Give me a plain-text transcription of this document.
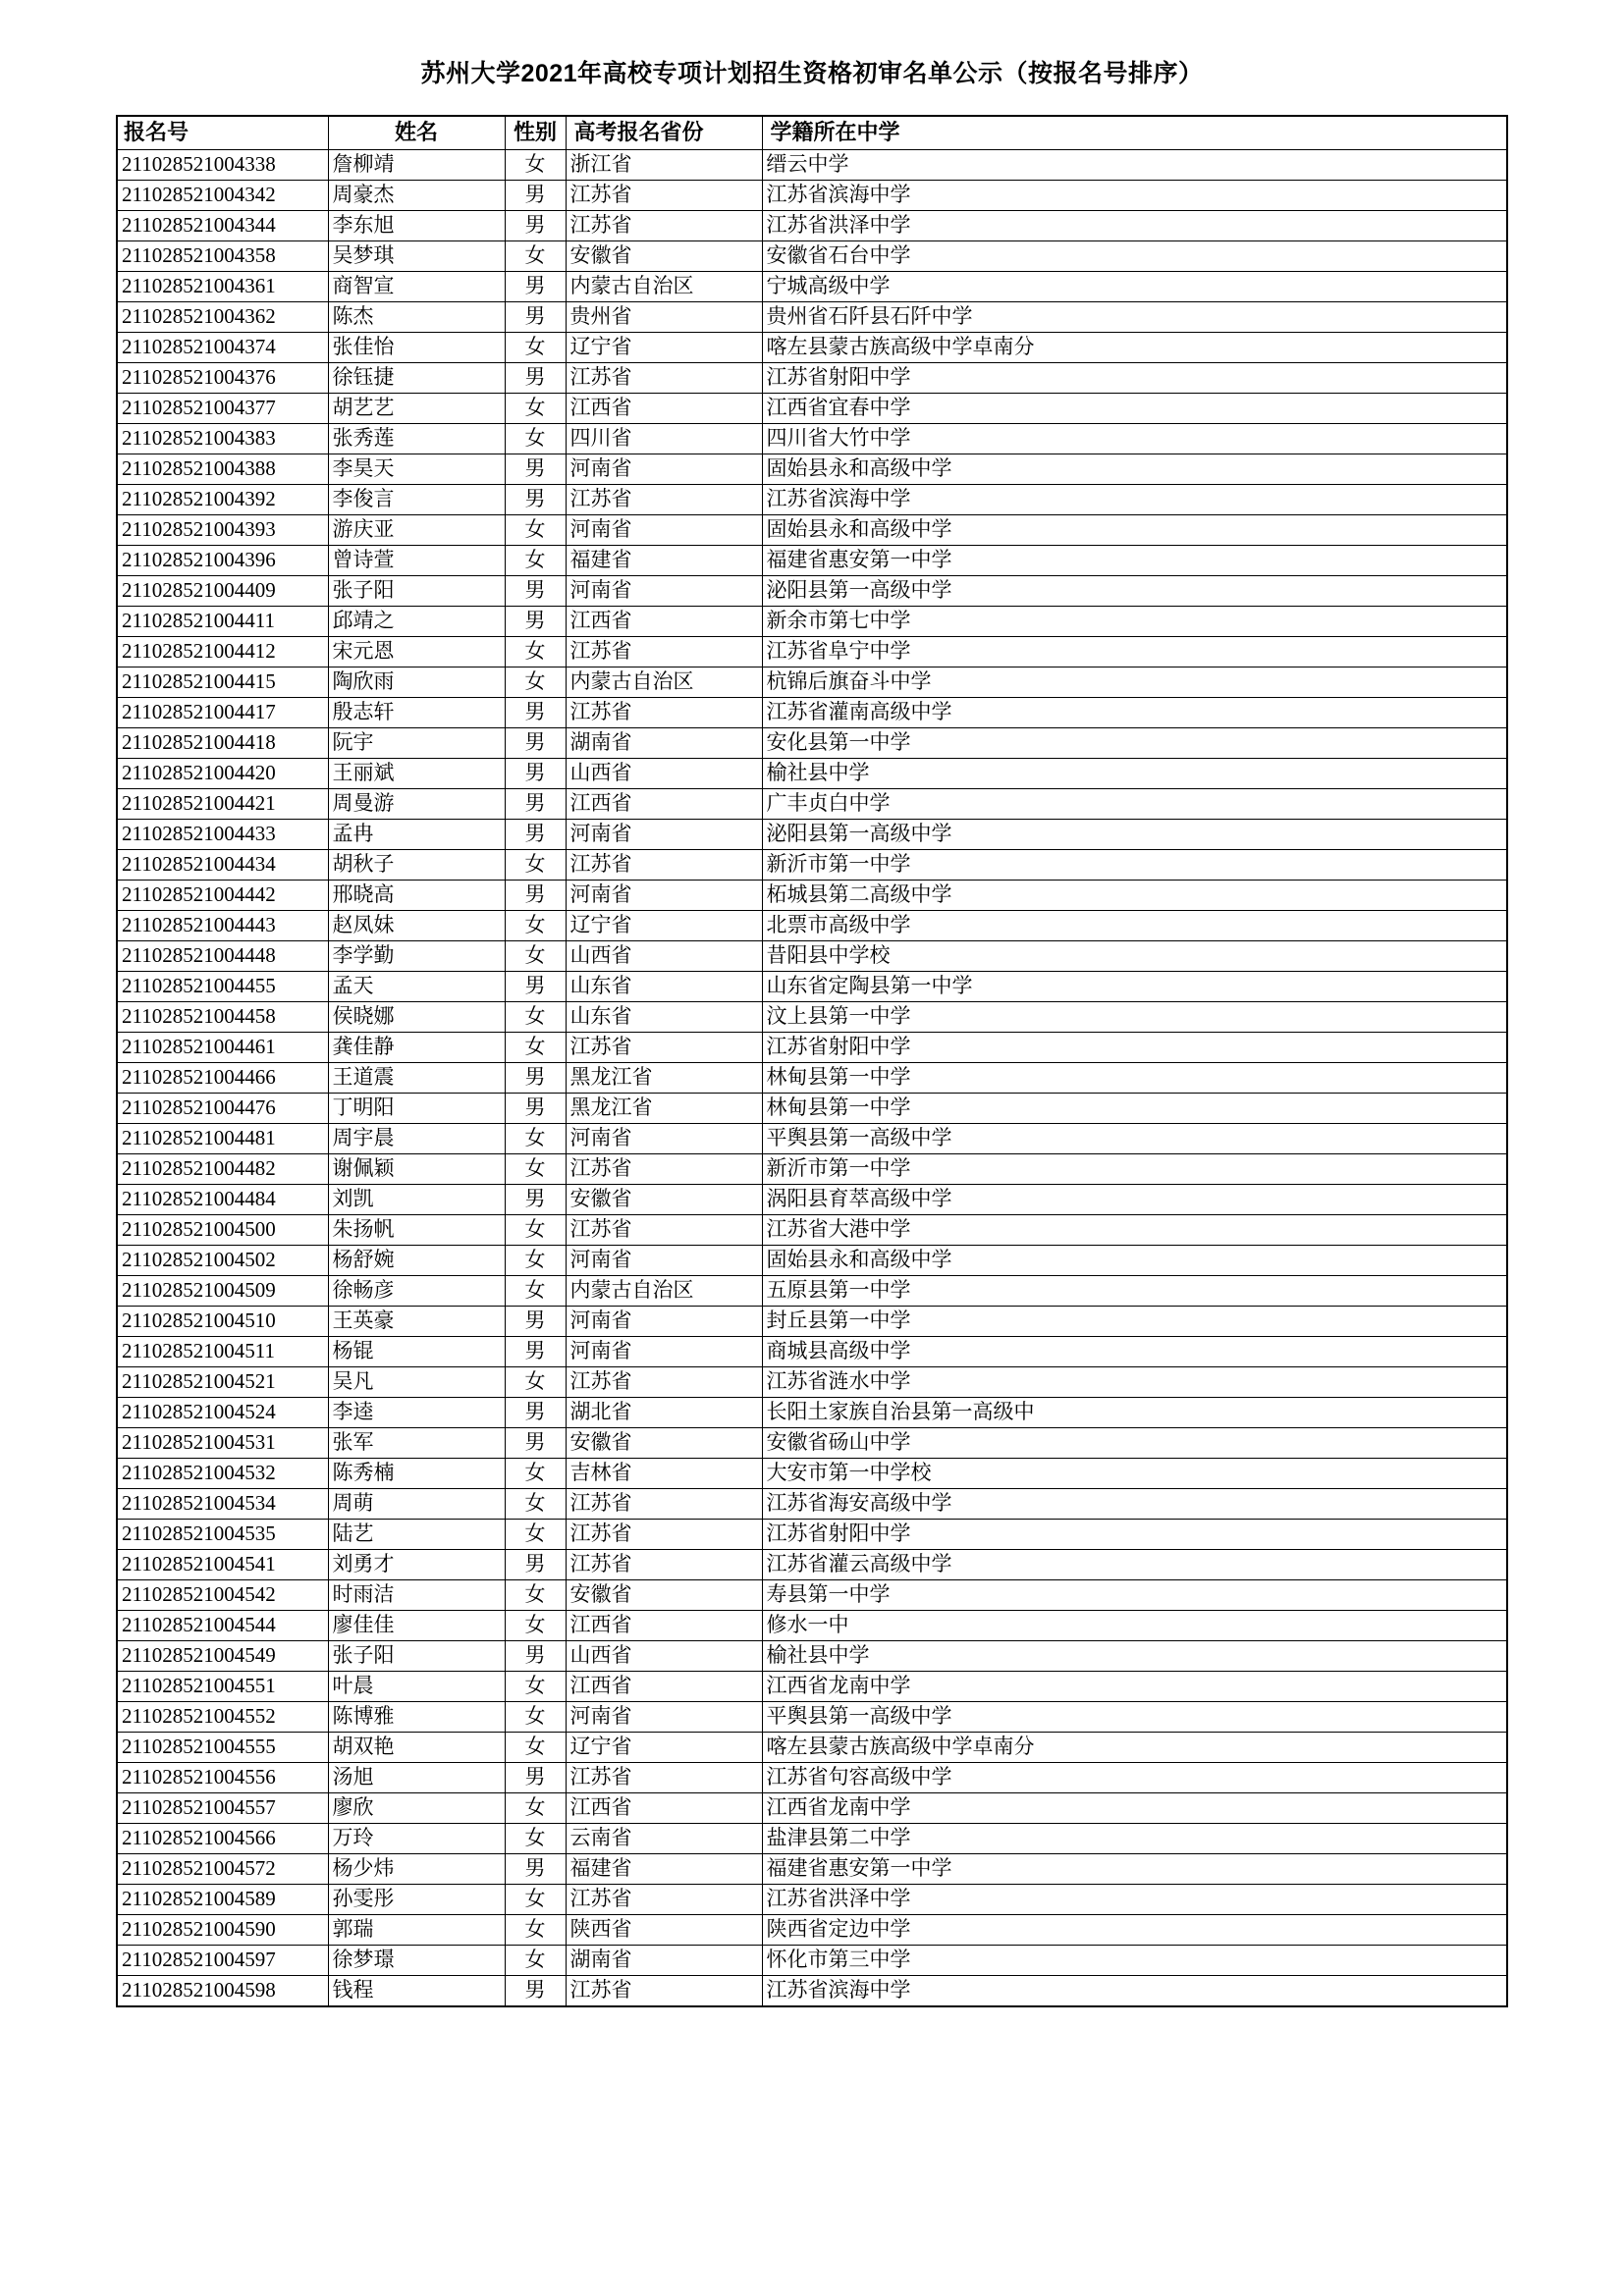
苏州大学2021年高校专项计划招生资格初审名单公示（按报名号排序）
报名号	姓名	性别	高考报名省份	学籍所在中学
211028521004338	詹柳靖	女	浙江省	缙云中学
211028521004342	周豪杰	男	江苏省	江苏省滨海中学
211028521004344	李东旭	男	江苏省	江苏省洪泽中学
211028521004358	吴梦琪	女	安徽省	安徽省石台中学
211028521004361	商智宣	男	内蒙古自治区	宁城高级中学
211028521004362	陈杰	男	贵州省	贵州省石阡县石阡中学
211028521004374	张佳怡	女	辽宁省	喀左县蒙古族高级中学卓南分
211028521004376	徐钰捷	男	江苏省	江苏省射阳中学
211028521004377	胡艺艺	女	江西省	江西省宜春中学
211028521004383	张秀莲	女	四川省	四川省大竹中学
211028521004388	李昊天	男	河南省	固始县永和高级中学
211028521004392	李俊言	男	江苏省	江苏省滨海中学
211028521004393	游庆亚	女	河南省	固始县永和高级中学
211028521004396	曾诗萱	女	福建省	福建省惠安第一中学
211028521004409	张子阳	男	河南省	泌阳县第一高级中学
211028521004411	邱靖之	男	江西省	新余市第七中学
211028521004412	宋元恩	女	江苏省	江苏省阜宁中学
211028521004415	陶欣雨	女	内蒙古自治区	杭锦后旗奋斗中学
211028521004417	殷志轩	男	江苏省	江苏省灌南高级中学
211028521004418	阮宇	男	湖南省	安化县第一中学
211028521004420	王丽斌	男	山西省	榆社县中学
211028521004421	周曼游	男	江西省	广丰贞白中学
211028521004433	孟冉	男	河南省	泌阳县第一高级中学
211028521004434	胡秋子	女	江苏省	新沂市第一中学
211028521004442	邢晓高	男	河南省	柘城县第二高级中学
211028521004443	赵凤妹	女	辽宁省	北票市高级中学
211028521004448	李学勤	女	山西省	昔阳县中学校
211028521004455	孟天	男	山东省	山东省定陶县第一中学
211028521004458	侯晓娜	女	山东省	汶上县第一中学
211028521004461	龚佳静	女	江苏省	江苏省射阳中学
211028521004466	王道震	男	黑龙江省	林甸县第一中学
211028521004476	丁明阳	男	黑龙江省	林甸县第一中学
211028521004481	周宇晨	女	河南省	平舆县第一高级中学
211028521004482	谢佩颖	女	江苏省	新沂市第一中学
211028521004484	刘凯	男	安徽省	涡阳县育萃高级中学
211028521004500	朱扬帆	女	江苏省	江苏省大港中学
211028521004502	杨舒婉	女	河南省	固始县永和高级中学
211028521004509	徐畅彦	女	内蒙古自治区	五原县第一中学
211028521004510	王英豪	男	河南省	封丘县第一中学
211028521004511	杨锟	男	河南省	商城县高级中学
211028521004521	吴凡	女	江苏省	江苏省涟水中学
211028521004524	李逵	男	湖北省	长阳土家族自治县第一高级中
211028521004531	张军	男	安徽省	安徽省砀山中学
211028521004532	陈秀楠	女	吉林省	大安市第一中学校
211028521004534	周萌	女	江苏省	江苏省海安高级中学
211028521004535	陆艺	女	江苏省	江苏省射阳中学
211028521004541	刘勇才	男	江苏省	江苏省灌云高级中学
211028521004542	时雨洁	女	安徽省	寿县第一中学
211028521004544	廖佳佳	女	江西省	修水一中
211028521004549	张子阳	男	山西省	榆社县中学
211028521004551	叶晨	女	江西省	江西省龙南中学
211028521004552	陈博雅	女	河南省	平舆县第一高级中学
211028521004555	胡双艳	女	辽宁省	喀左县蒙古族高级中学卓南分
211028521004556	汤旭	男	江苏省	江苏省句容高级中学
211028521004557	廖欣	女	江西省	江西省龙南中学
211028521004566	万玲	女	云南省	盐津县第二中学
211028521004572	杨少炜	男	福建省	福建省惠安第一中学
211028521004589	孙雯彤	女	江苏省	江苏省洪泽中学
211028521004590	郭瑞	女	陕西省	陕西省定边中学
211028521004597	徐梦璟	女	湖南省	怀化市第三中学
211028521004598	钱程	男	江苏省	江苏省滨海中学
